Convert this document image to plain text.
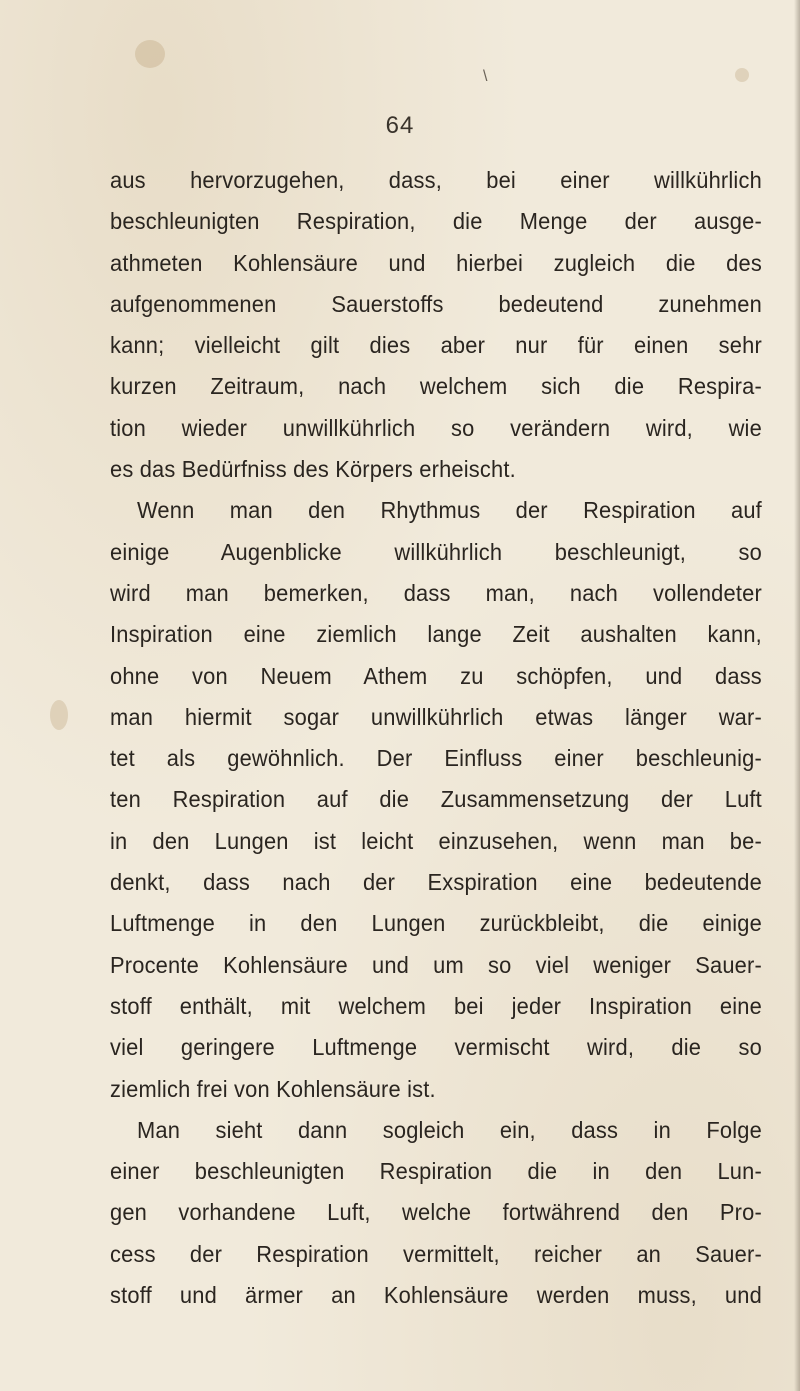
64
\
aus hervorzugehen, dass, bei einer willkührlich
beschleunigten Respiration, die Menge der ausge-
athmeten Kohlensäure und hierbei zugleich die des
aufgenommenen Sauerstoffs bedeutend zunehmen
kann; vielleicht gilt dies aber nur für einen sehr
kurzen Zeitraum, nach welchem sich die Respira-
tion wieder unwillkührlich so verändern wird, wie
es das Bedürfniss des Körpers erheischt.
Wenn man den Rhythmus der Respiration auf
einige Augenblicke willkührlich beschleunigt, so
wird man bemerken, dass man, nach vollendeter
Inspiration eine ziemlich lange Zeit aushalten kann,
ohne von Neuem Athem zu schöpfen, und dass
man hiermit sogar unwillkührlich etwas länger war-
tet als gewöhnlich. Der Einfluss einer beschleunig-
ten Respiration auf die Zusammensetzung der Luft
in den Lungen ist leicht einzusehen, wenn man be-
denkt, dass nach der Exspiration eine bedeutende
Luftmenge in den Lungen zurückbleibt, die einige
Procente Kohlensäure und um so viel weniger Sauer-
stoff enthält, mit welchem bei jeder Inspiration eine
viel geringere Luftmenge vermischt wird, die so
ziemlich frei von Kohlensäure ist.
Man sieht dann sogleich ein, dass in Folge
einer beschleunigten Respiration die in den Lun-
gen vorhandene Luft, welche fortwährend den Pro-
cess der Respiration vermittelt, reicher an Sauer-
stoff und ärmer an Kohlensäure werden muss, und
